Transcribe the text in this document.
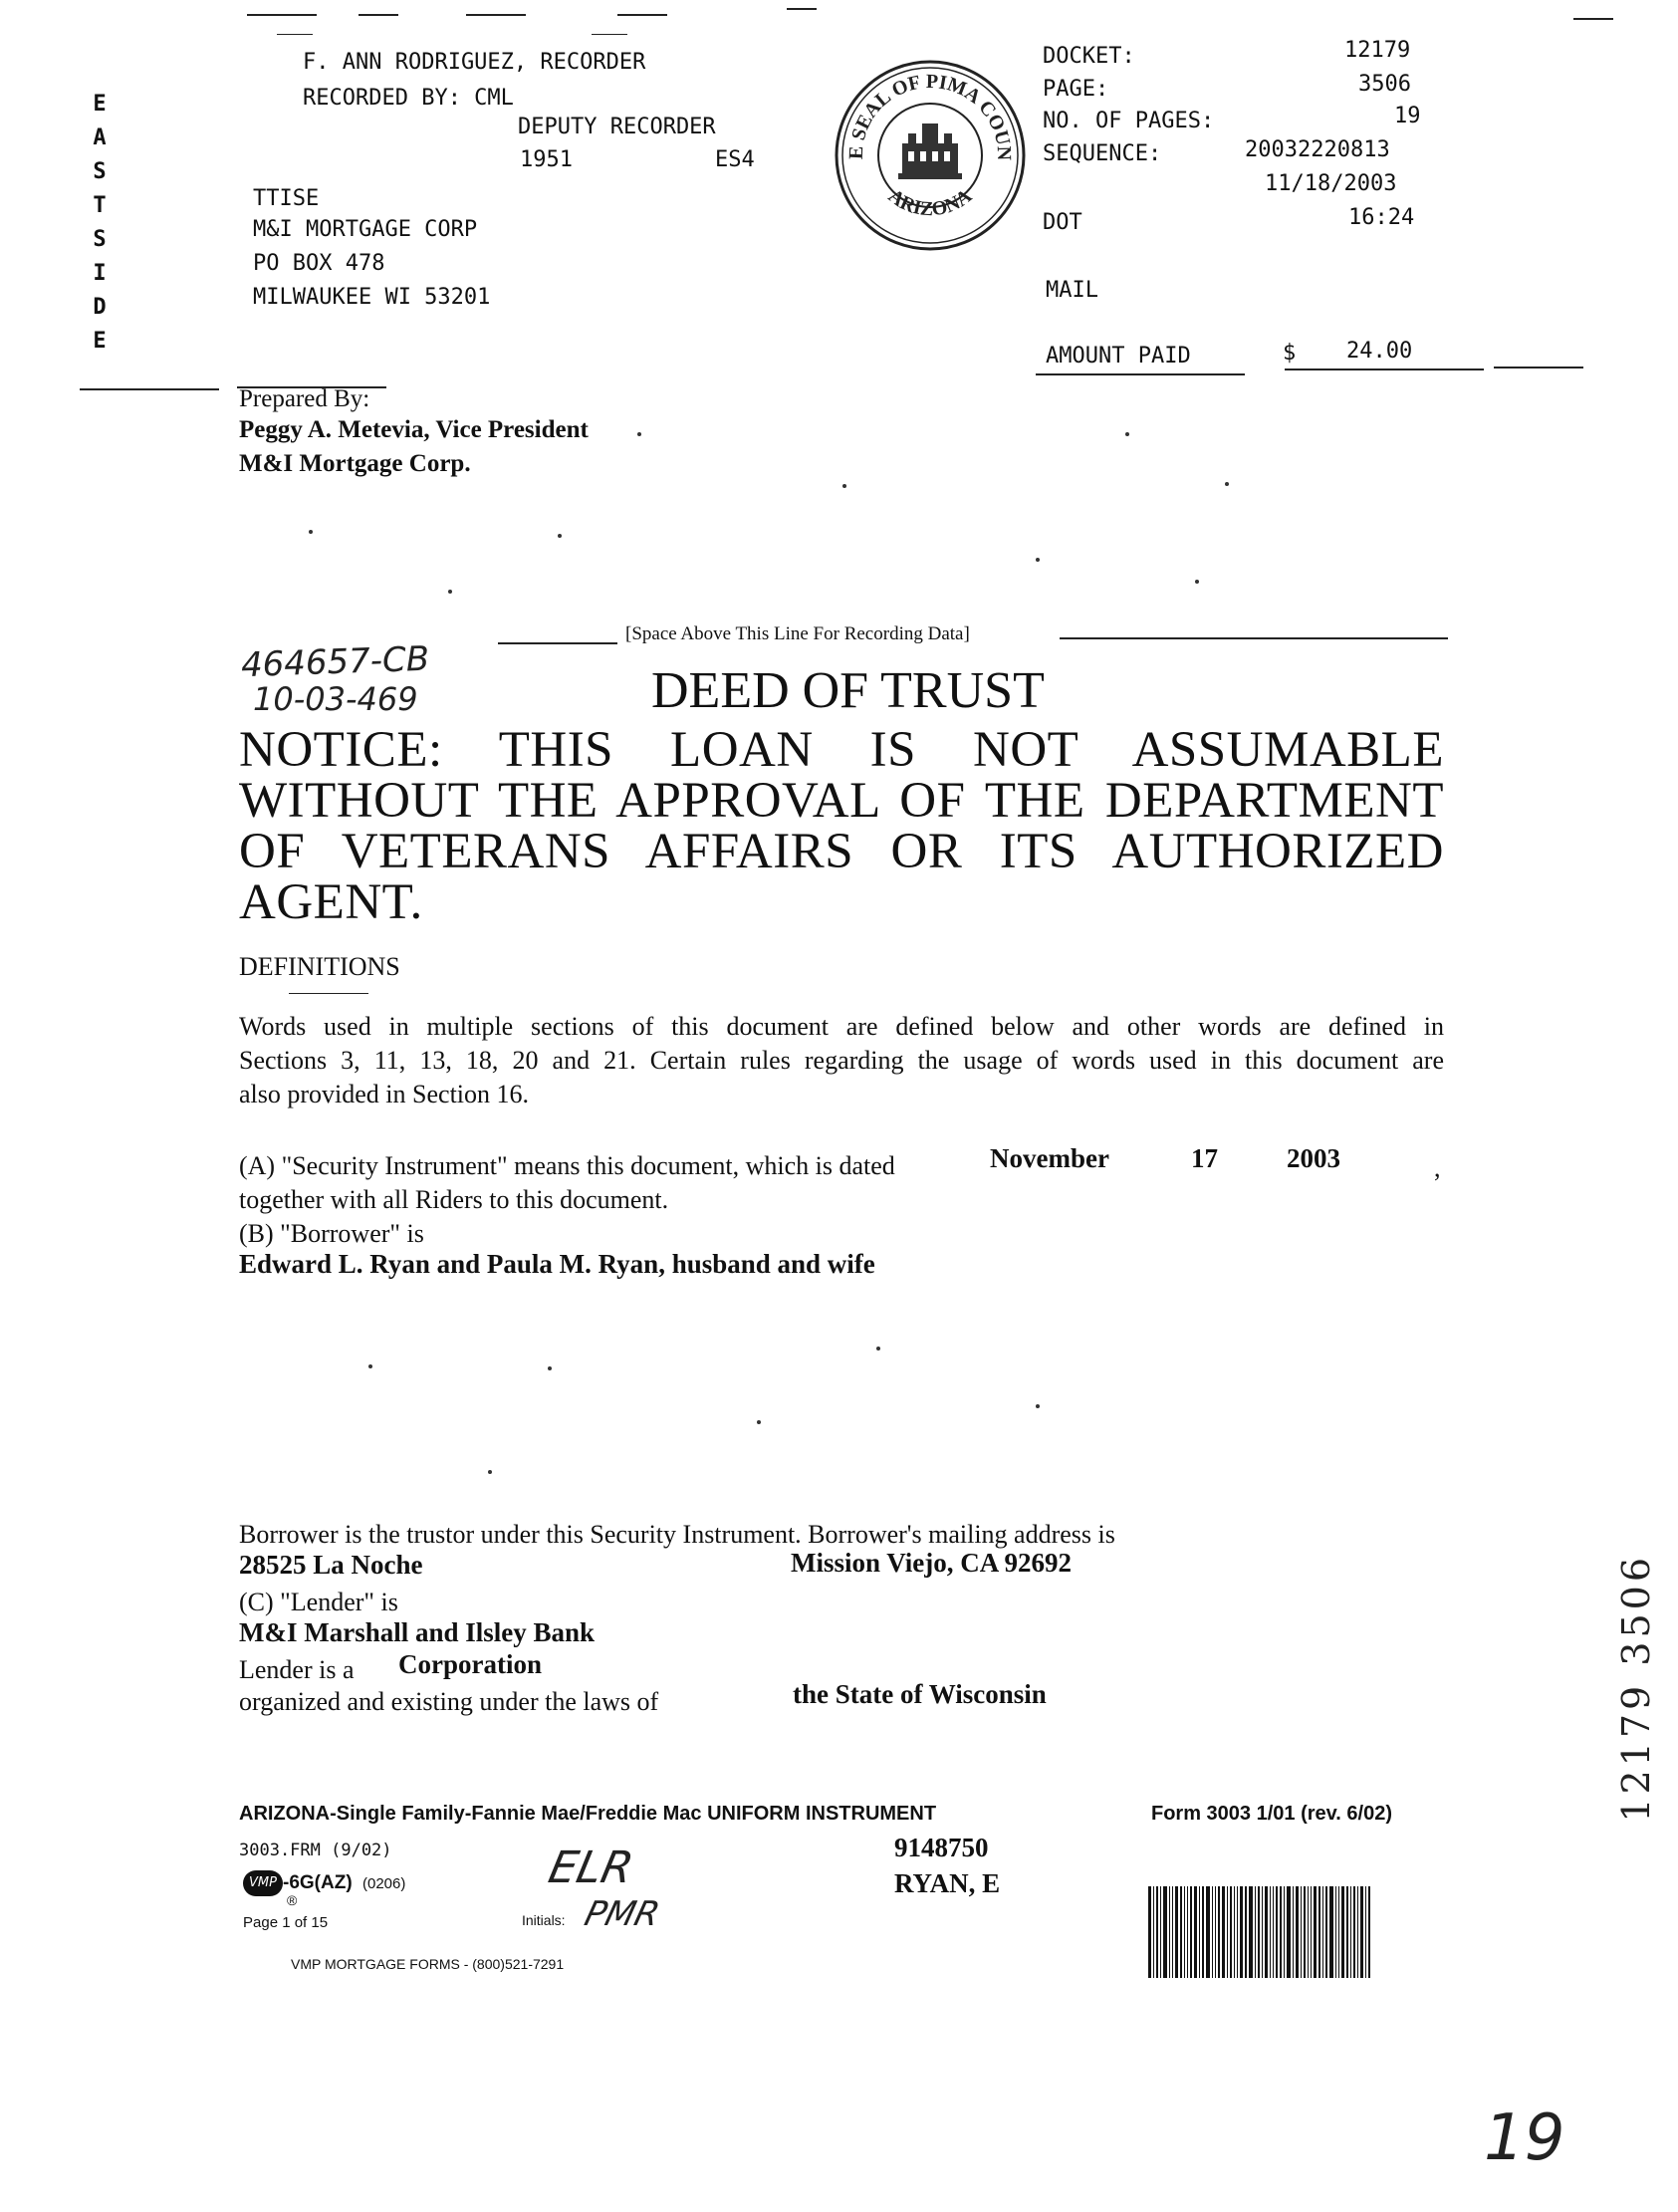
E
A
S
T
S
I
D
E
F. ANN RODRIGUEZ, RECORDER
RECORDED BY: CML
DEPUTY RECORDER
1951	ES4
TTISE
M&I MORTGAGE CORP
PO BOX 478
MILWAUKEE WI 53201
E SEAL OF PIMA COUN
ARIZONA
DOCKET:	12179
PAGE:	3506
NO. OF PAGES:	19
SEQUENCE:	20032220813
11/18/2003
DOT	16:24
MAIL
AMOUNT PAID	$ 24.00
Prepared By:
Peggy A. Metevia, Vice President
M&I Mortgage Corp.
[Space Above This Line For Recording Data]
464657-CB
10-03-469	DEED OF TRUST
NOTICE: THIS LOAN IS NOT ASSUMABLE WITHOUT THE APPROVAL OF THE DEPARTMENT OF VETERANS AFFAIRS OR ITS AUTHORIZED AGENT.
DEFINITIONS
Words used in multiple sections of this document are defined below and other words are defined in
Sections 3, 11, 13, 18, 20 and 21. Certain rules regarding the usage of words used in this document are
also provided in Section 16.
(A) "Security Instrument" means this document, which is dated	November	17	2003	,
together with all Riders to this document.
(B) "Borrower" is
Edward L. Ryan and Paula M. Ryan, husband and wife
Borrower is the trustor under this Security Instrument. Borrower's mailing address is
28525 La Noche	Mission Viejo, CA 92692
(C) "Lender" is
M&I Marshall and Ilsley Bank
Lender is a Corporation
organized and existing under the laws of	the State of Wisconsin
ARIZONA-Single Family-Fannie Mae/Freddie Mac UNIFORM INSTRUMENT	Form 3003 1/01 (rev. 6/02)
3003.FRM (9/02)
VMP -6G(AZ) (0206)
®
ELR	9148750
RYAN, E
Page 1 of 15	Initials: PMR
VMP MORTGAGE FORMS - (800)521-7291
12179 3506
19
